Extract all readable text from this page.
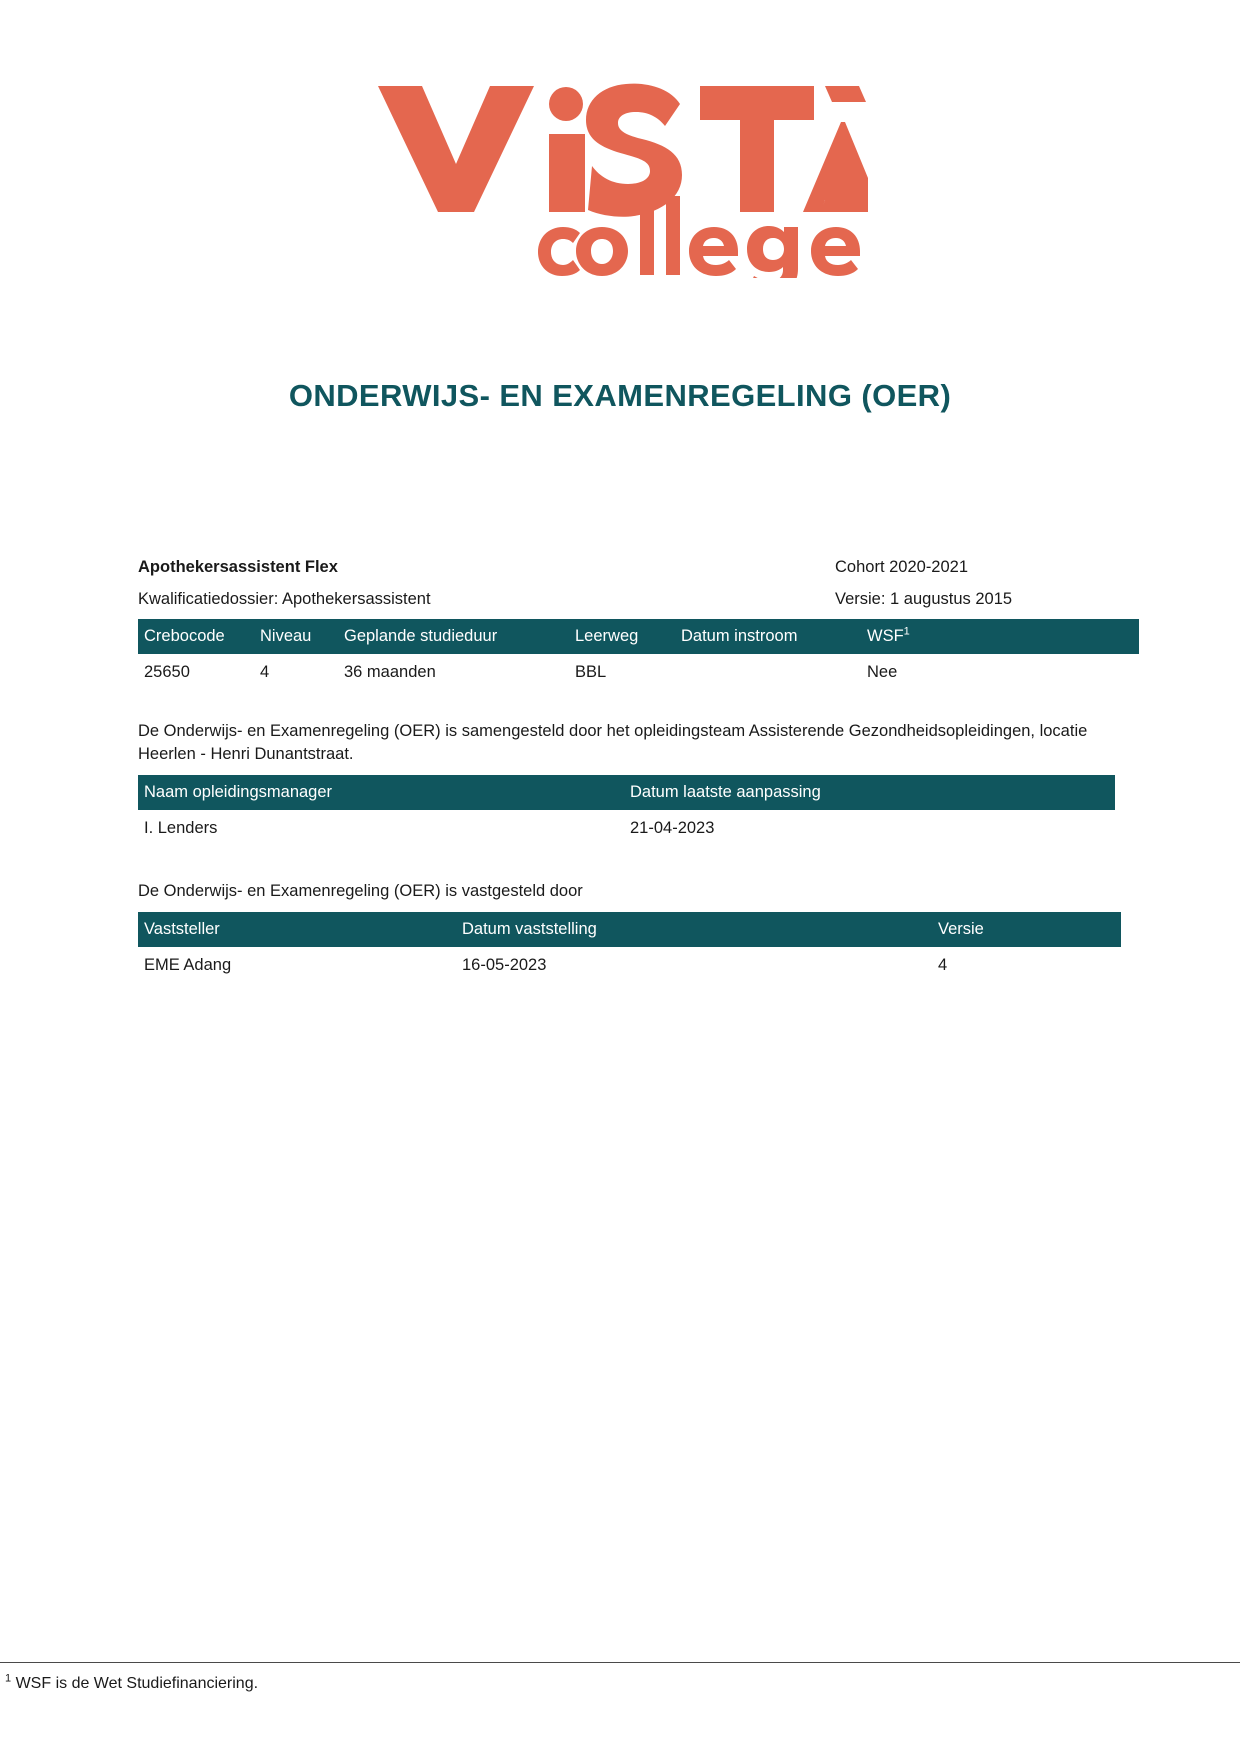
ONDERWIJS- EN EXAMENREGELING (OER)
Apothekersassistent Flex	Cohort 2020-2021
Kwalificatiedossier: Apothekersassistent	Versie: 1 augustus 2015
Crebocode	Niveau	Geplande studieduur	Leerweg	Datum instroom	WSF$^1$
25650	4	36 maanden	BBL		Nee
De Onderwijs- en Examenregeling (OER) is samengesteld door het opleidingsteam Assisterende Gezondheidsopleidingen, locatie Heerlen - Henri Dunantstraat.
Naam opleidingsmanager	Datum laatste aanpassing
I. Lenders	21-04-2023
De Onderwijs- en Examenregeling (OER) is vastgesteld door
Vaststeller	Datum vaststelling	Versie
EME Adang	16-05-2023	4
$^1$ WSF is de Wet Studiefinanciering.
